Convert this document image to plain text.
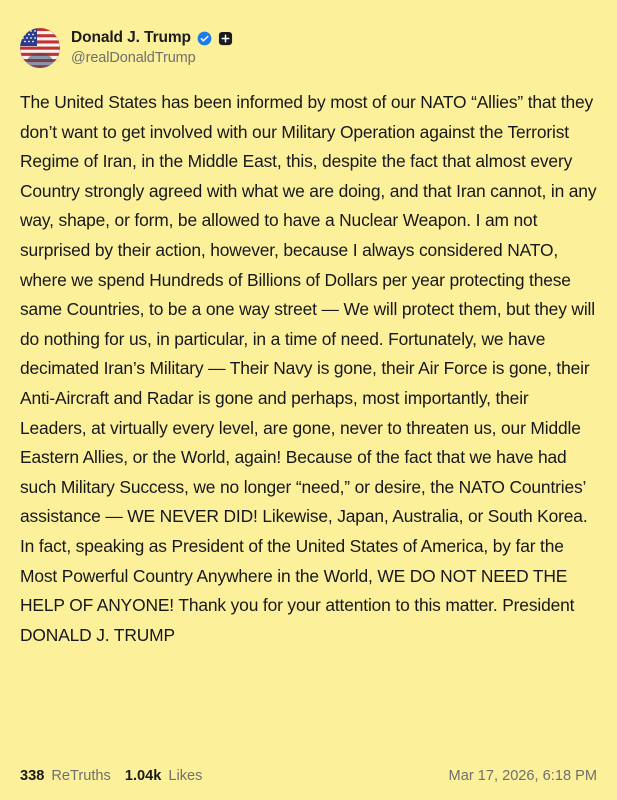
Donald J. Trump
@realDonaldTrump
The United States has been informed by most of our NATO “Allies” that they don’t want to get involved with our Military Operation against the Terrorist Regime of Iran, in the Middle East, this, despite the fact that almost every Country strongly agreed with what we are doing, and that Iran cannot, in any way, shape, or form, be allowed to have a Nuclear Weapon. I am not surprised by their action, however, because I always considered NATO, where we spend Hundreds of Billions of Dollars per year protecting these same Countries, to be a one way street — We will protect them, but they will do nothing for us, in particular, in a time of need. Fortunately, we have decimated Iran’s Military — Their Navy is gone, their Air Force is gone, their Anti-Aircraft and Radar is gone and perhaps, most importantly, their Leaders, at virtually every level, are gone, never to threaten us, our Middle Eastern Allies, or the World, again! Because of the fact that we have had such Military Success, we no longer “need,” or desire, the NATO Countries’ assistance — WE NEVER DID! Likewise, Japan, Australia, or South Korea. In fact, speaking as President of the United States of America, by far the Most Powerful Country Anywhere in the World, WE DO NOT NEED THE HELP OF ANYONE! Thank you for your attention to this matter. President DONALD J. TRUMP
338 ReTruths 1.04k Likes	Mar 17, 2026, 6:18 PM
